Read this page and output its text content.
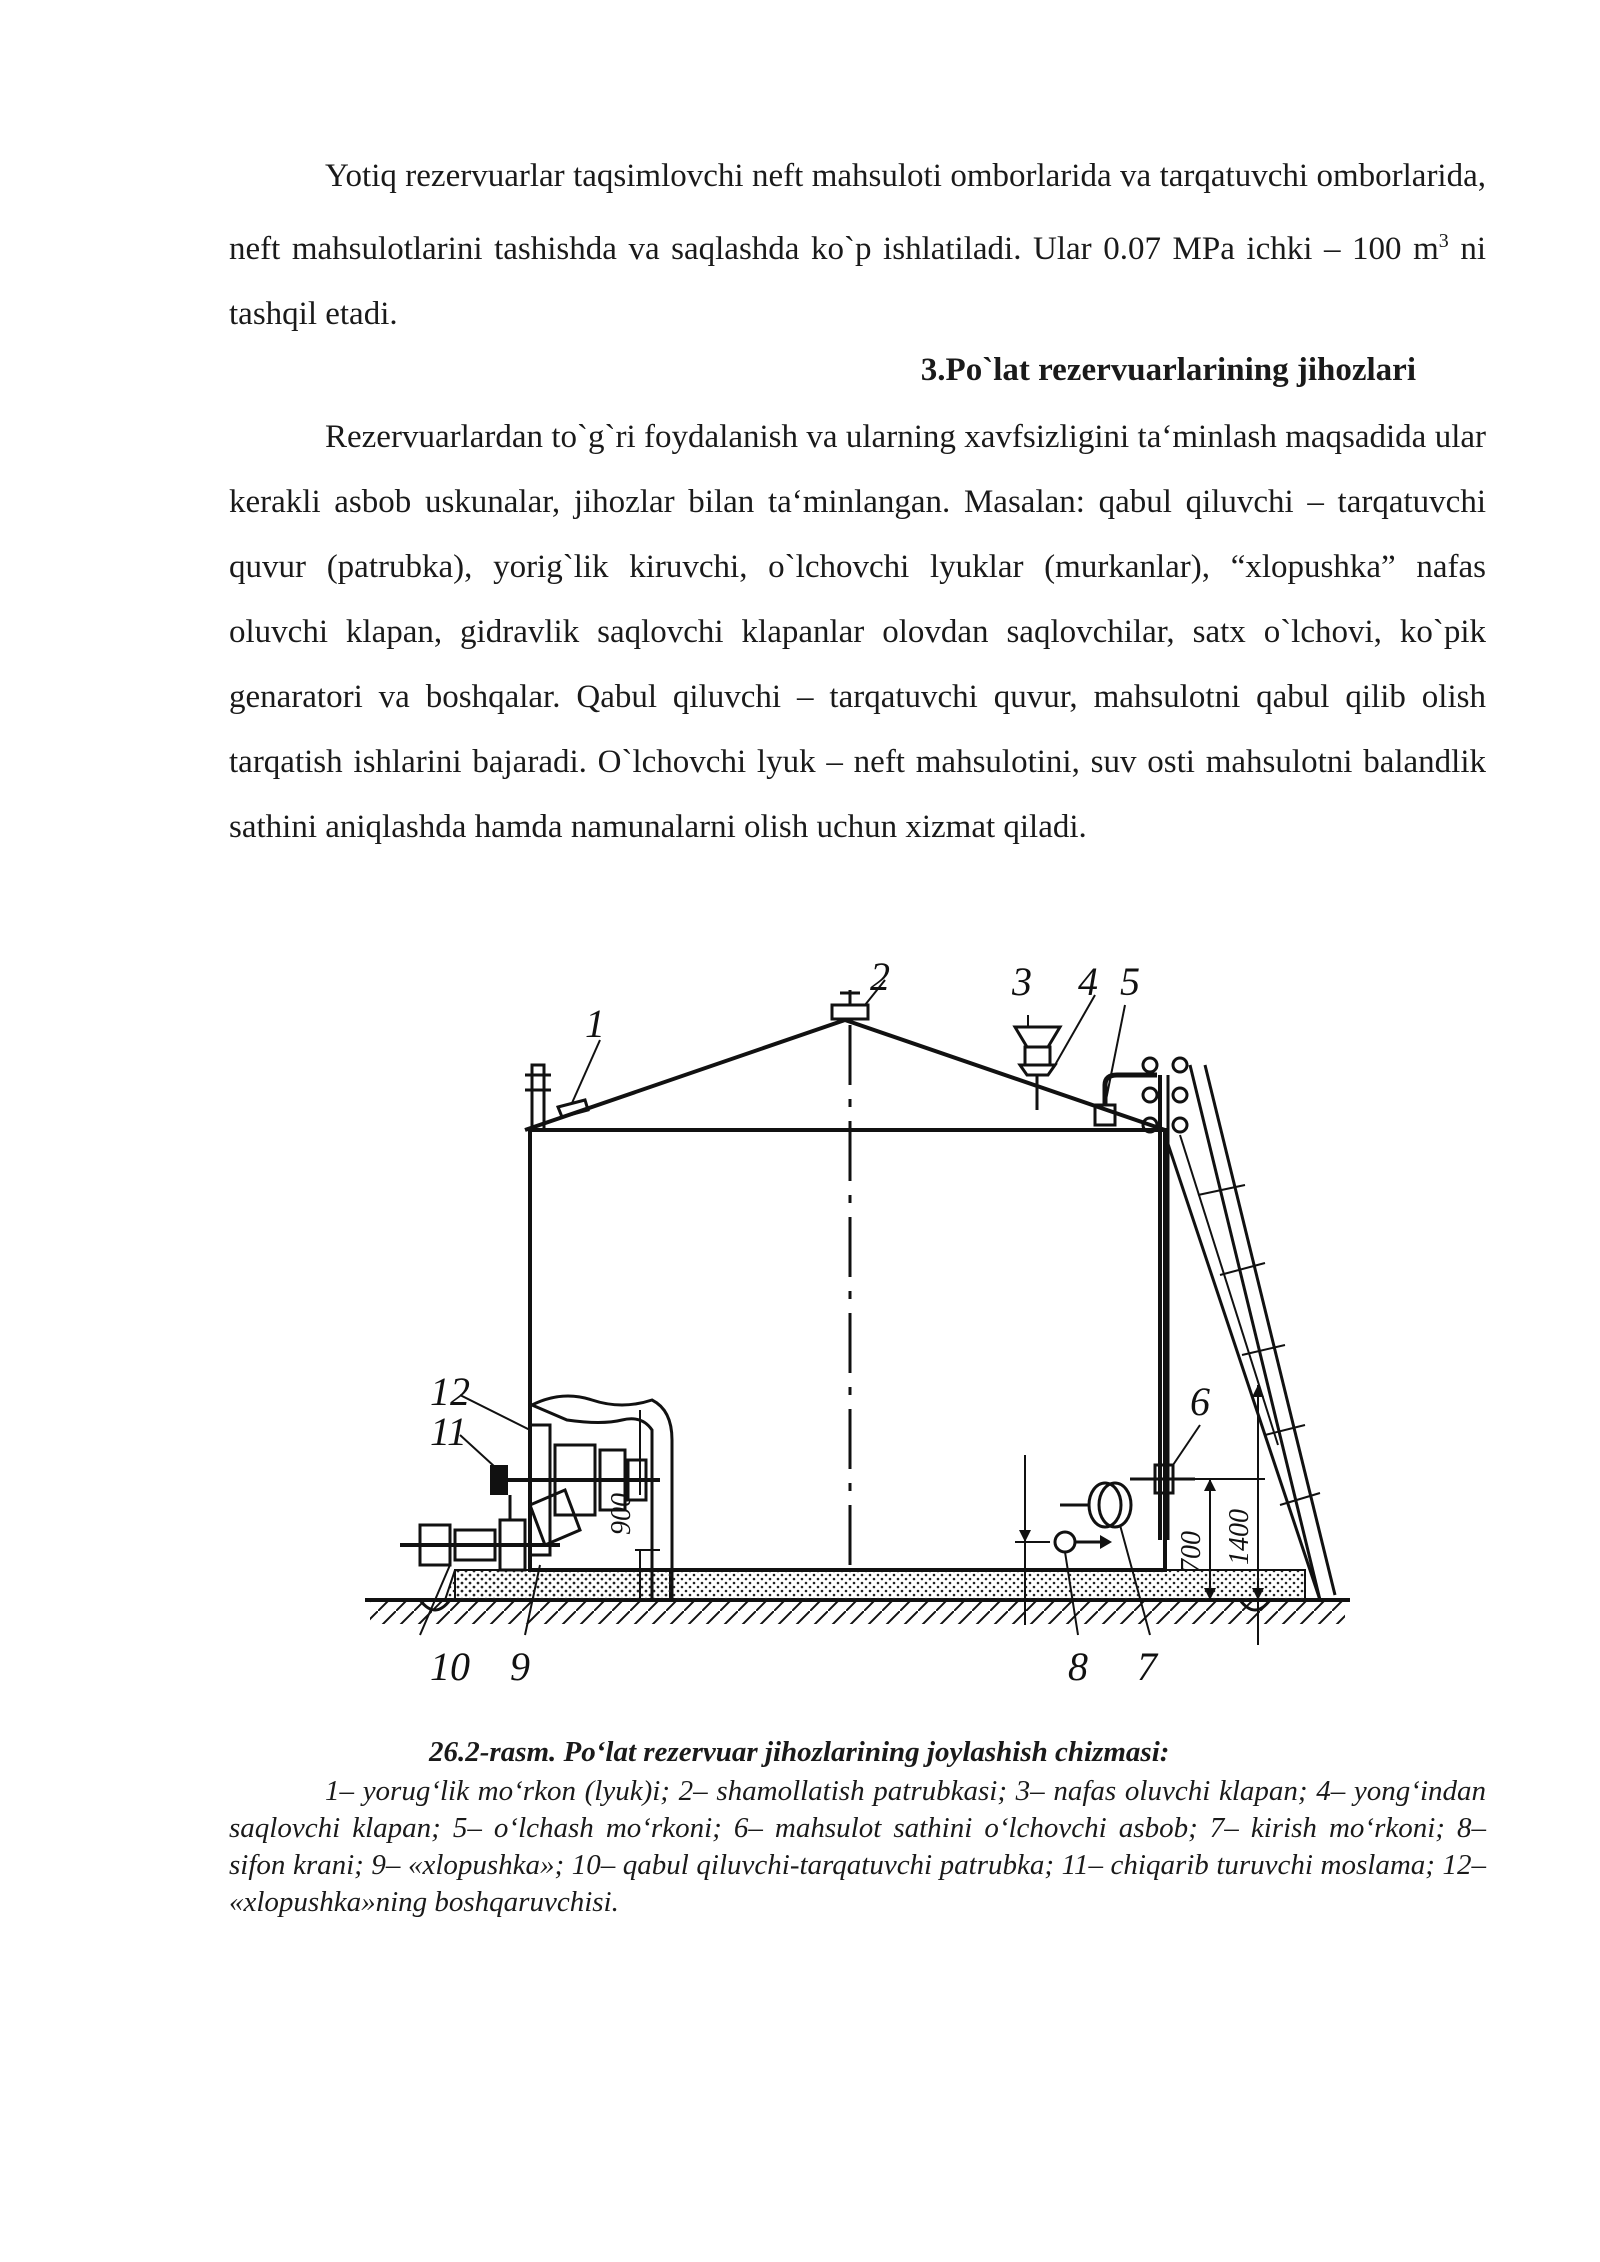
Yotiq rezervuarlar taqsimlovchi neft mahsuloti omborlarida va tarqatuvchi omborlarida, neft mahsulotlarini tashishda va saqlashda ko`p ishlatiladi. Ular 0.07 MPa ichki – 100 $m^3$ ni tashqil etadi.
3.Po`lat rezervuarlarining jihozlari
Rezervuarlardan to`g`ri foydalanish va ularning xavfsizligini ta‘minlash maqsadida ular kerakli asbob uskunalar, jihozlar bilan ta‘minlangan. Masalan: qabul qiluvchi – tarqatuvchi quvur (patrubka), yorig`lik kiruvchi, o`lchovchi lyuklar (murkanlar), “xlopushka” nafas oluvchi klapan, gidravlik saqlovchi klapanlar olovdan saqlovchilar, satx o`lchovi, ko`pik genaratori va boshqalar. Qabul qiluvchi – tarqatuvchi quvur, mahsulotni qabul qilib olish tarqatish ishlarini bajaradi. O`lchovchi lyuk – neft mahsulotini, suv osti mahsulotni balandlik sathini aniqlashda hamda namunalarni olish uchun xizmat qiladi.
1
2	3 4 5
6
7
8
9
10
11
12
900
700 1400
26.2-rasm. Po‘lat rezervuar jihozlarining joylashish chizmasi:
1– yorug‘lik mo‘rkon (lyuk)i; 2– shamollatish patrubkasi; 3– nafas oluvchi klapan; 4– yong‘indan saqlovchi klapan; 5– o‘lchash mo‘rkoni; 6– mahsulot sathini o‘lchovchi asbob; 7– kirish mo‘rkoni; 8– sifon krani; 9– «xlopushka»; 10– qabul qiluvchi-tarqatuvchi patrubka; 11– chiqarib turuvchi moslama; 12– «xlopushka»ning boshqaruvchisi.
